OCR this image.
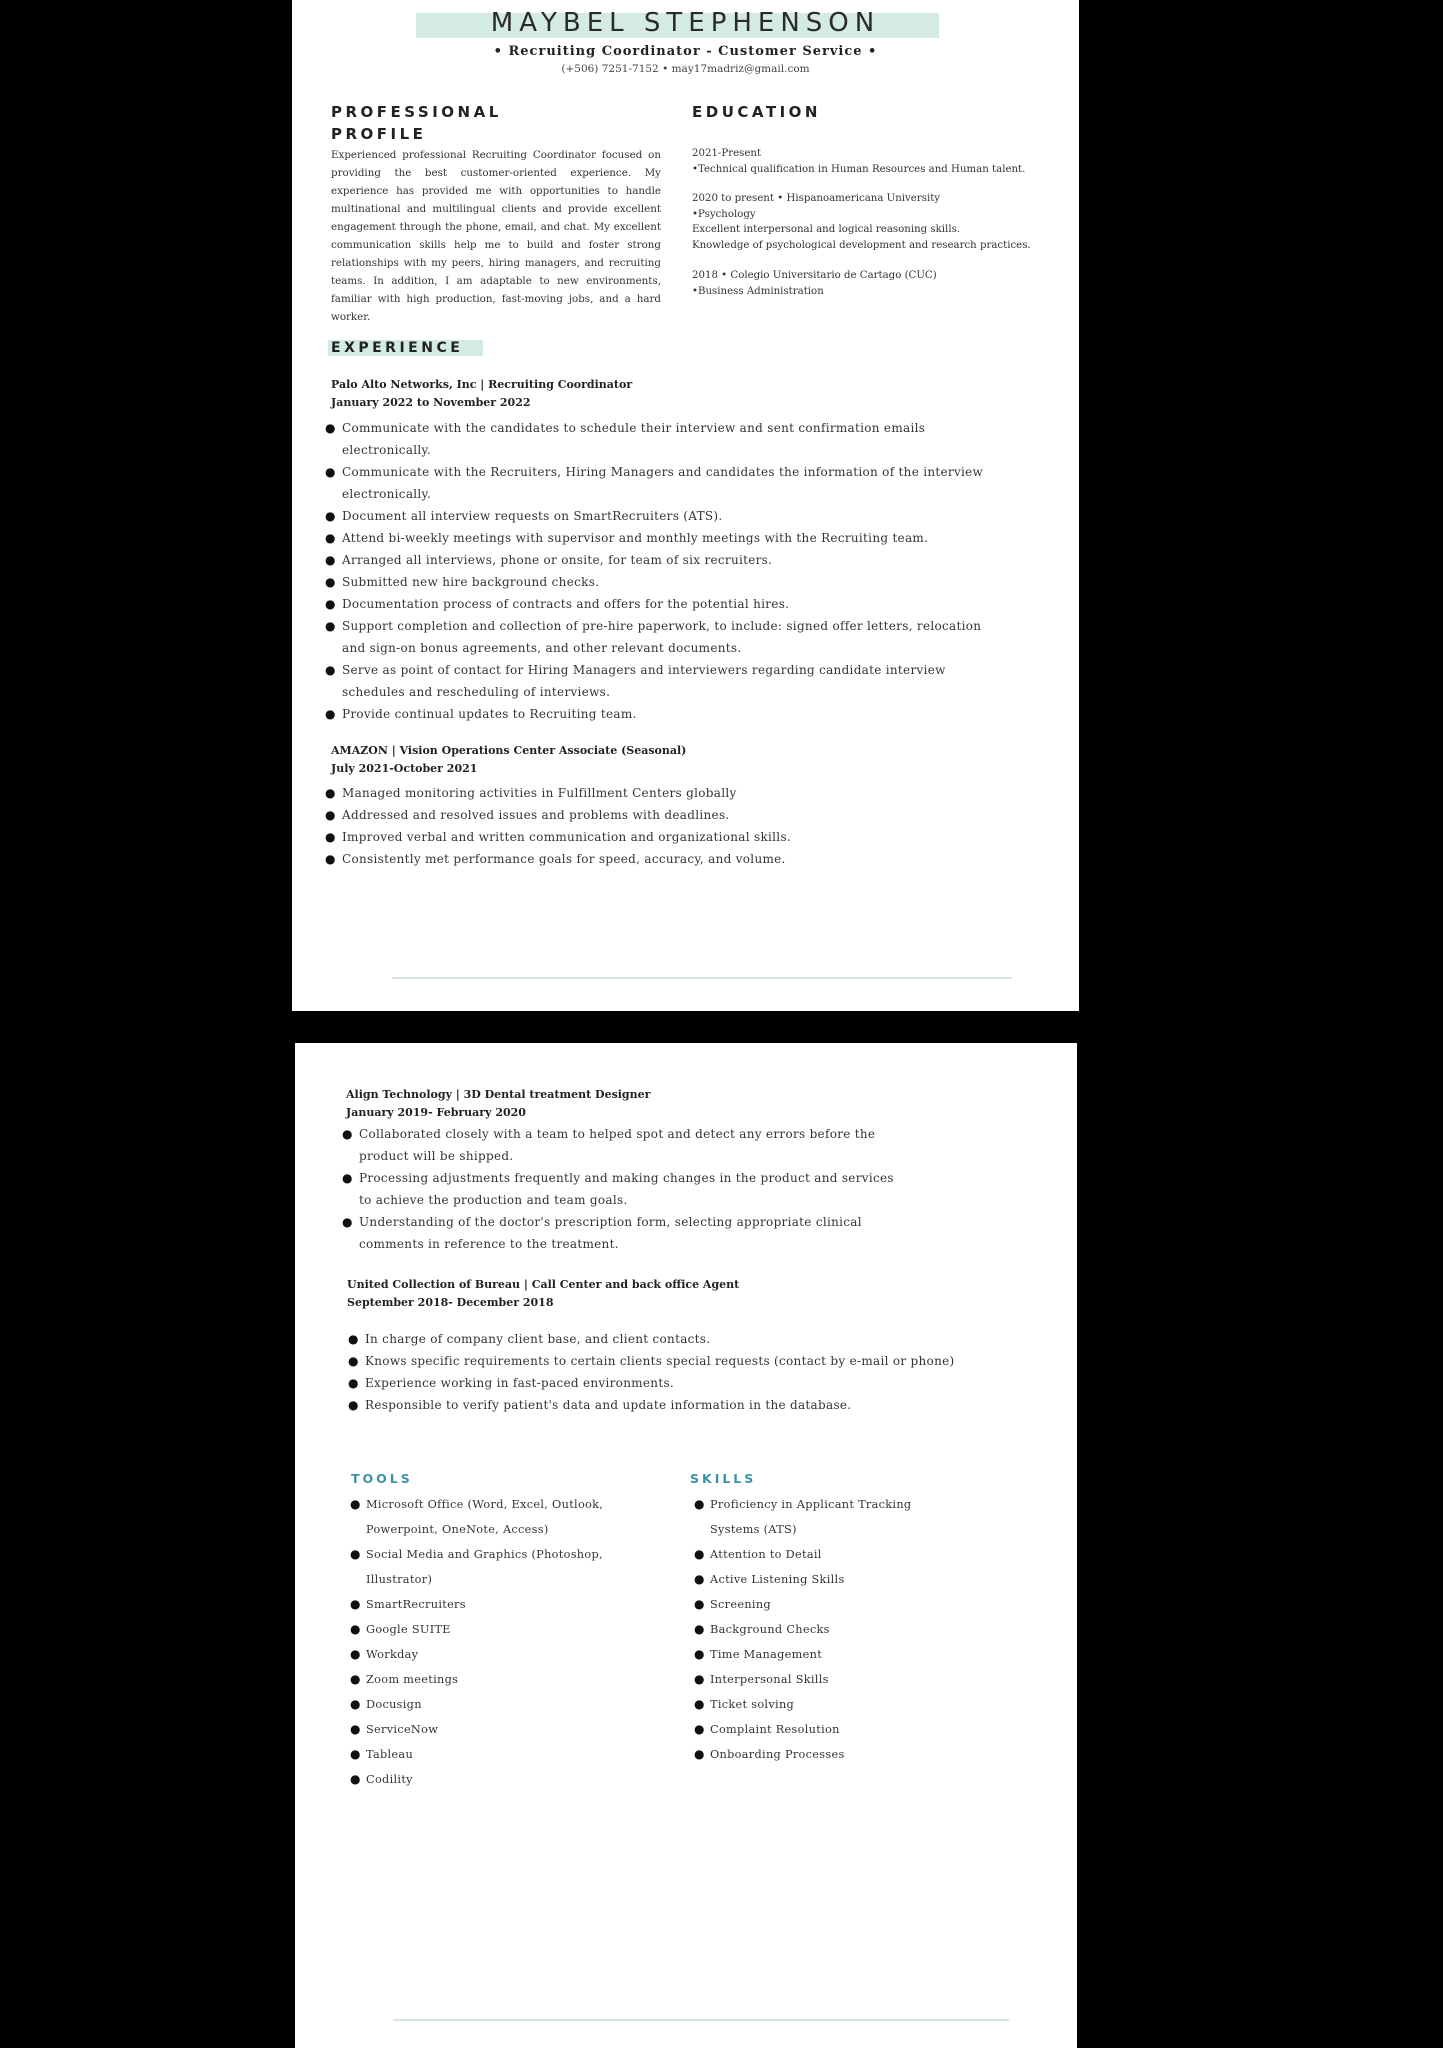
MAYBEL STEPHENSON
• Recruiting Coordinator - Customer Service •
(+506) 7251-7152 • may17madriz@gmail.com
PROFESSIONAL
PROFILE

Experienced professional Recruiting Coordinator focused on providing the best customer-oriented experience. My experience has provided me with opportunities to handle multinational and multilingual clients and provide excellent engagement through the phone, email, and chat. My excellent communication skills help me to build and foster strong relationships with my peers, hiring managers, and recruiting teams. In addition, I am adaptable to new environments, familiar with high production, fast-moving jobs, and a hard worker.

EDUCATION
2021-Present
•Technical qualification in Human Resources and Human talent.
2020 to present • Hispanoamericana University
•Psychology
Excellent interpersonal and logical reasoning skills.
Knowledge of psychological development and research practices.
2018 • Colegio Universitario de Cartago (CUC)
•Business Administration
EXPERIENCE
Palo Alto Networks, Inc | Recruiting Coordinator
January 2022 to November 2022
● Communicate with the candidates to schedule their interview and sent confirmation emails electronically.
● Communicate with the Recruiters, Hiring Managers and candidates the information of the interview electronically.
● Document all interview requests on SmartRecruiters (ATS).
● Attend bi-weekly meetings with supervisor and monthly meetings with the Recruiting team.
● Arranged all interviews, phone or onsite, for team of six recruiters.
● Submitted new hire background checks.
● Documentation process of contracts and offers for the potential hires.
● Support completion and collection of pre-hire paperwork, to include: signed offer letters, relocation and sign-on bonus agreements, and other relevant documents.
● Serve as point of contact for Hiring Managers and interviewers regarding candidate interview schedules and rescheduling of interviews.
● Provide continual updates to Recruiting team.
AMAZON | Vision Operations Center Associate (Seasonal)
July 2021-October 2021
● Managed monitoring activities in Fulfillment Centers globally
● Addressed and resolved issues and problems with deadlines.
● Improved verbal and written communication and organizational skills.
● Consistently met performance goals for speed, accuracy, and volume.
Align Technology | 3D Dental treatment Designer
January 2019- February 2020
● Collaborated closely with a team to helped spot and detect any errors before the product will be shipped.
● Processing adjustments frequently and making changes in the product and services to achieve the production and team goals.
● Understanding of the doctor's prescription form, selecting appropriate clinical comments in reference to the treatment.
United Collection of Bureau | Call Center and back office Agent
September 2018- December 2018
● In charge of company client base, and client contacts.
● Knows specific requirements to certain clients special requests (contact by e-mail or phone)
● Experience working in fast-paced environments.
● Responsible to verify patient's data and update information in the database.
TOOLS
● Microsoft Office (Word, Excel, Outlook, Powerpoint, OneNote, Access)
● Social Media and Graphics (Photoshop, Illustrator)
● SmartRecruiters
● Google SUITE
● Workday
● Zoom meetings
● Docusign
● ServiceNow
● Tableau
● Codility
SKILLS
● Proficiency in Applicant Tracking Systems (ATS)
● Attention to Detail
● Active Listening Skills
● Screening
● Background Checks
● Time Management
● Interpersonal Skills
● Ticket solving
● Complaint Resolution
● Onboarding Processes
